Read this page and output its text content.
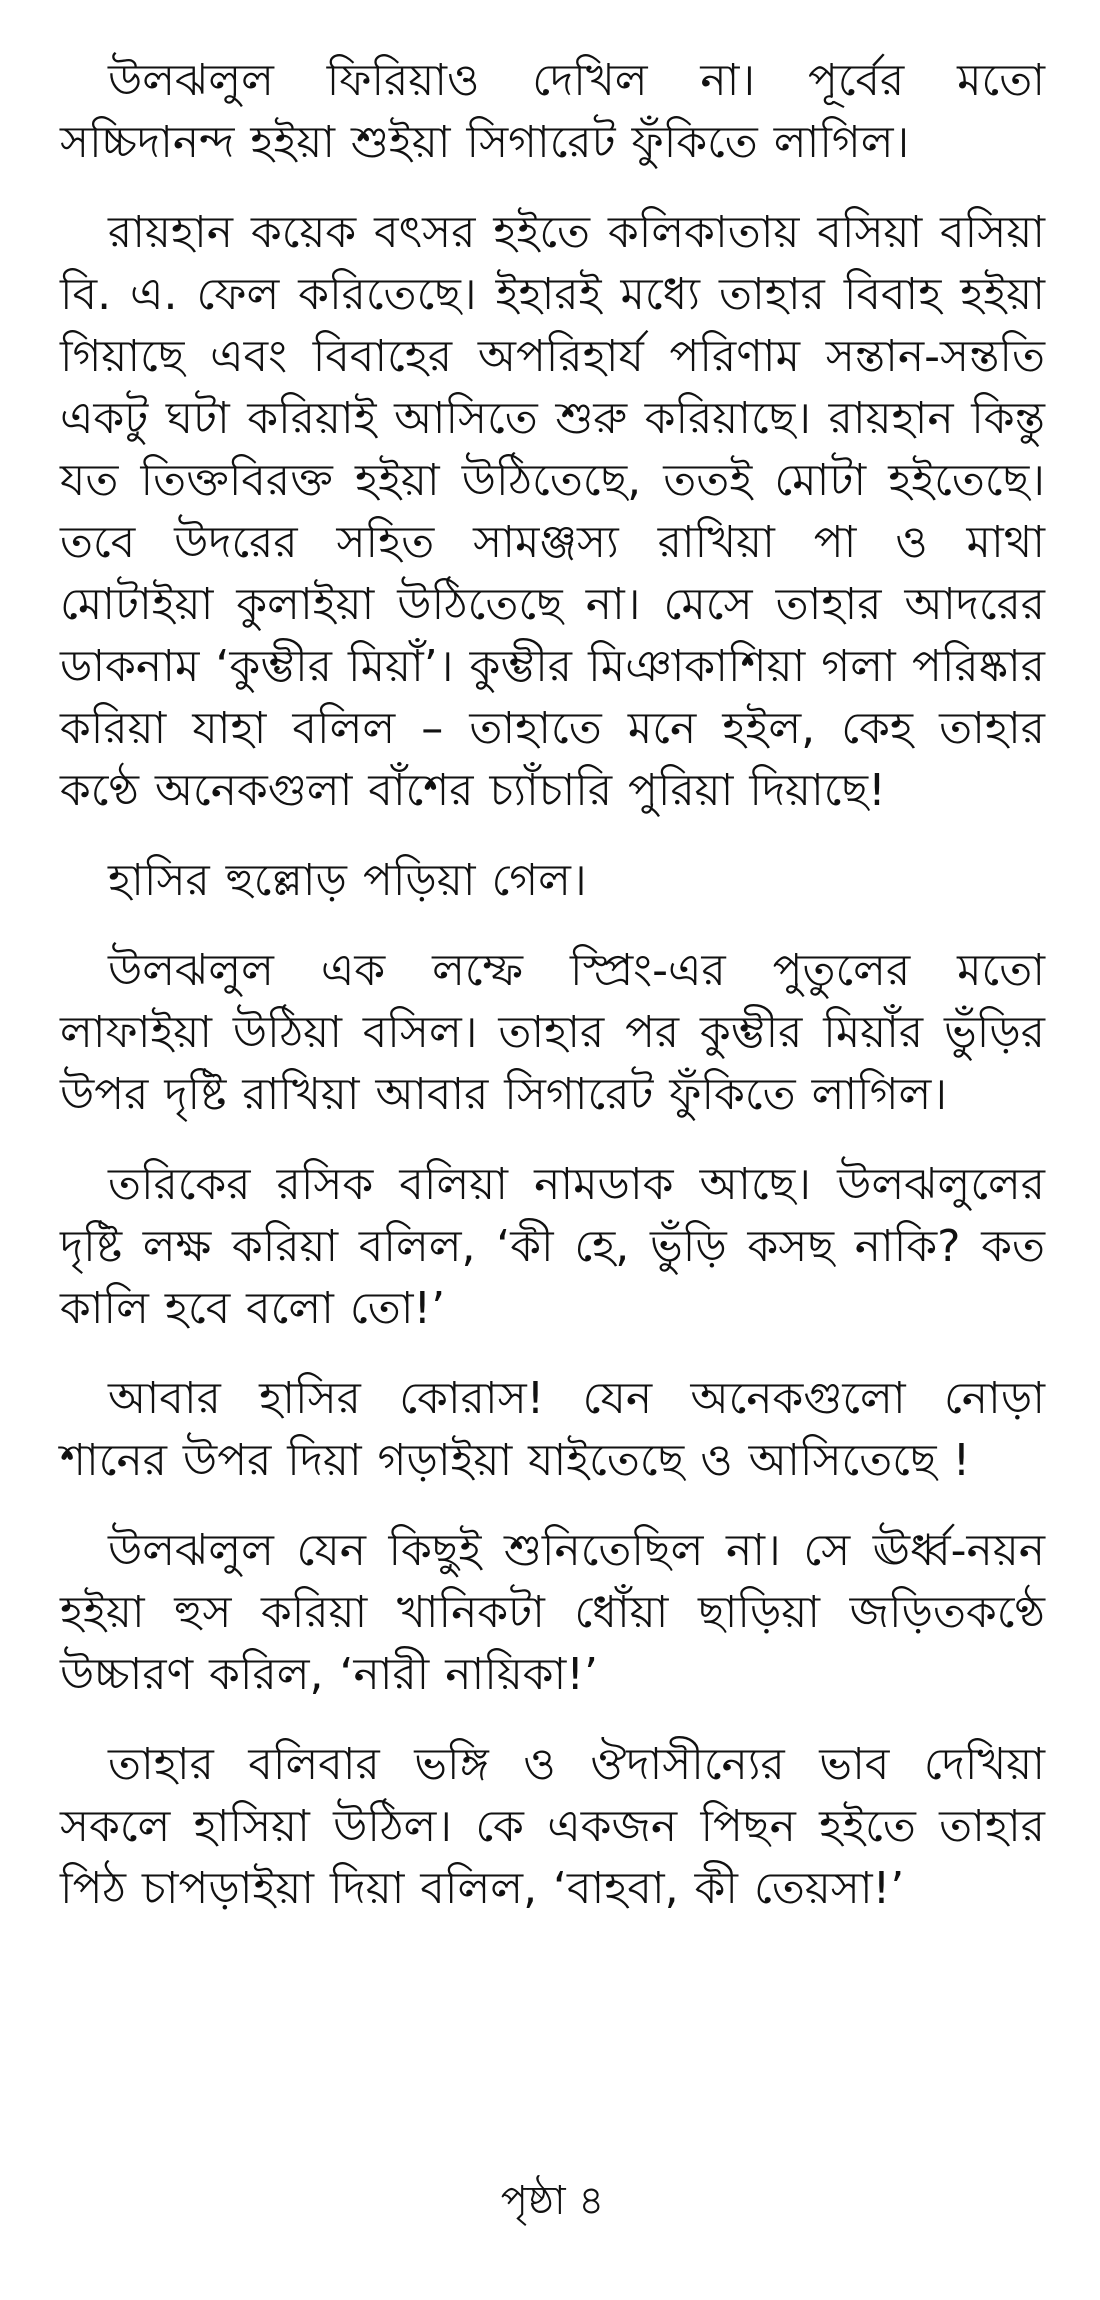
উলঝলুল ফিরিয়াও দেখিল না। পূর্বের মতো সচ্চিদানন্দ হইয়া শুইয়া সিগারেট ফুঁকিতে লাগিল।

রায়হান কয়েক বৎসর হইতে কলিকাতায় বসিয়া বসিয়া বি. এ. ফেল করিতেছে। ইহারই মধ্যে তাহার বিবাহ হইয়া গিয়াছে এবং বিবাহের অপরিহার্য পরিণাম সন্তান-সন্ততি একটু ঘটা করিয়াই আসিতে শুরু করিয়াছে। রায়হান কিন্তু যত তিক্তবিরক্ত হইয়া উঠিতেছে, ততই মোটা হইতেছে। তবে উদরের সহিত সামঞ্জস্য রাখিয়া পা ও মাথা মোটাইয়া কুলাইয়া উঠিতেছে না। মেসে তাহার আদরের ডাকনাম ‘কুম্ভীর মিয়াঁ’। কুম্ভীর মিঞাকাশিয়া গলা পরিষ্কার করিয়া যাহা বলিল – তাহাতে মনে হইল, কেহ তাহার কণ্ঠে অনেকগুলা বাঁশের চ্যাঁচারি পুরিয়া দিয়াছে!

হাসির হুল্লোড় পড়িয়া গেল।

উলঝলুল এক লম্ফে স্প্রিং-এর পুতুলের মতো লাফাইয়া উঠিয়া বসিল। তাহার পর কুম্ভীর মিয়াঁর ভুঁড়ির উপর দৃষ্টি রাখিয়া আবার সিগারেট ফুঁকিতে লাগিল।

তরিকের রসিক বলিয়া নামডাক আছে। উলঝলুলের দৃষ্টি লক্ষ করিয়া বলিল, ‘কী হে, ভুঁড়ি কসছ নাকি? কত কালি হবে বলো তো!’

আবার হাসির কোরাস! যেন অনেকগুলো নোড়া শানের উপর দিয়া গড়াইয়া যাইতেছে ও আসিতেছে !

উলঝলুল যেন কিছুই শুনিতেছিল না। সে ঊর্ধ্ব-নয়ন হইয়া হুস করিয়া খানিকটা ধোঁয়া ছাড়িয়া জড়িতকণ্ঠে উচ্চারণ করিল, ‘নারী নায়িকা!’

তাহার বলিবার ভঙ্গি ও ঔদাসীন্যের ভাব দেখিয়া সকলে হাসিয়া উঠিল। কে একজন পিছন হইতে তাহার পিঠ চাপড়াইয়া দিয়া বলিল, ‘বাহবা, কী তেয়সা!’

পৃষ্ঠা ৪
